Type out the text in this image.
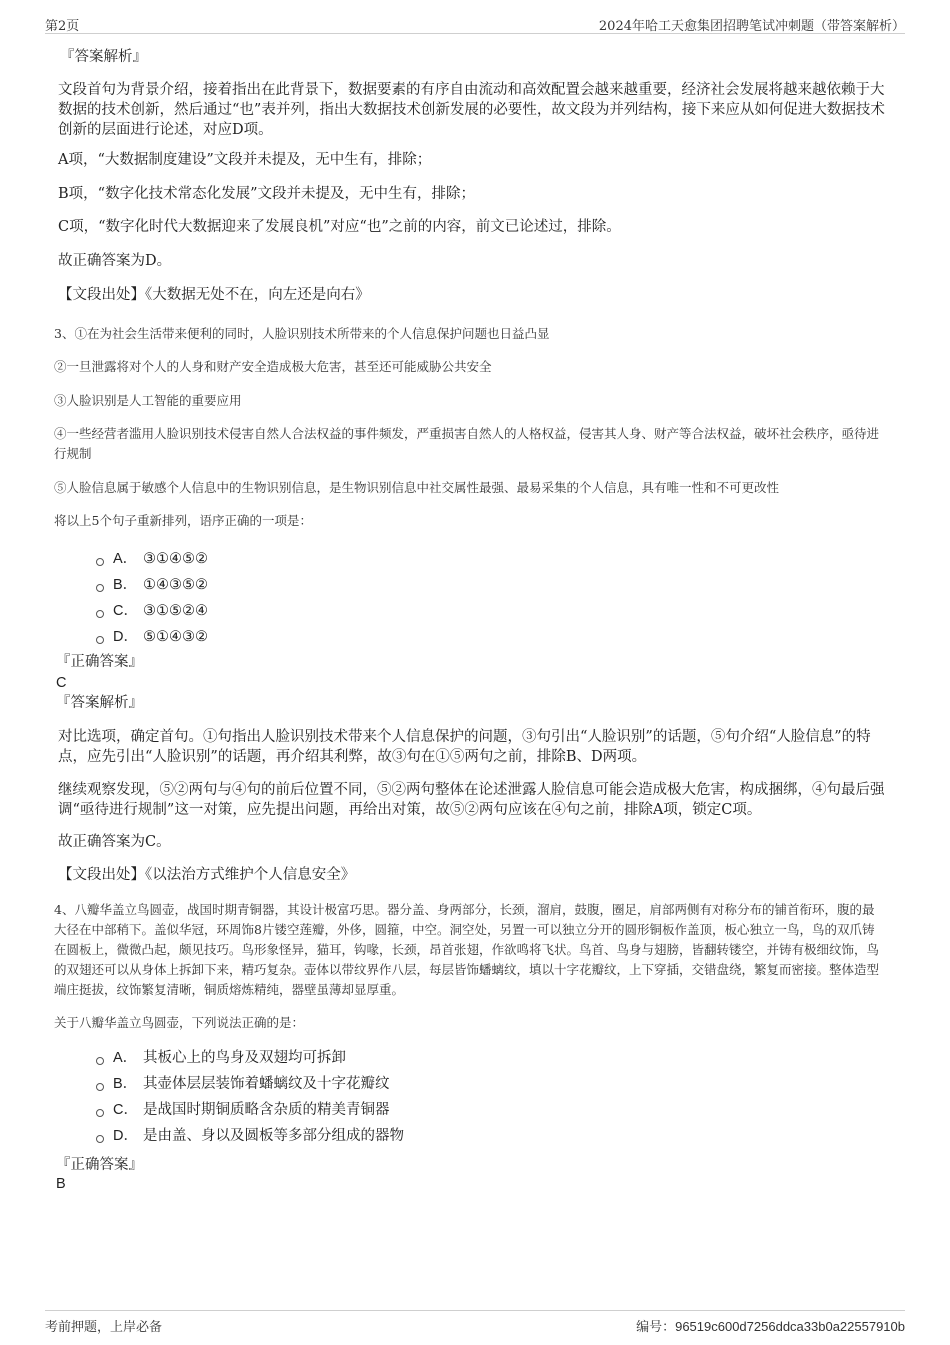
第2页	2024年哈工天愈集团招聘笔试冲刺题（带答案解析）
『答案解析』
文段首句为背景介绍，接着指出在此背景下，数据要素的有序自由流动和高效配置会越来越重要，经济社会发展将越来越依赖于大数据的技术创新，然后通过“也”表并列，指出大数据技术创新发展的必要性，故文段为并列结构，接下来应从如何促进大数据技术创新的层面进行论述，对应D项。
A项，“大数据制度建设”文段并未提及，无中生有，排除；
B项，“数字化技术常态化发展”文段并未提及，无中生有，排除；
C项，“数字化时代大数据迎来了发展良机”对应“也”之前的内容，前文已论述过，排除。
故正确答案为D。
【文段出处】《大数据无处不在，向左还是向右》
3、①在为社会生活带来便利的同时，人脸识别技术所带来的个人信息保护问题也日益凸显
②一旦泄露将对个人的人身和财产安全造成极大危害，甚至还可能威胁公共安全
③人脸识别是人工智能的重要应用
④一些经营者滥用人脸识别技术侵害自然人合法权益的事件频发，严重损害自然人的人格权益，侵害其人身、财产等合法权益，破坏社会秩序，亟待进行规制
⑤人脸信息属于敏感个人信息中的生物识别信息，是生物识别信息中社交属性最强、最易采集的个人信息，具有唯一性和不可更改性
将以上5个句子重新排列，语序正确的一项是：
A． ③①④⑤②
B． ①④③⑤②
C． ③①⑤②④
D． ⑤①④③②
『正确答案』
C
『答案解析』
对比选项，确定首句。①句指出人脸识别技术带来个人信息保护的问题，③句引出“人脸识别”的话题，⑤句介绍“人脸信息”的特点，应先引出“人脸识别”的话题，再介绍其利弊，故③句在①⑤两句之前，排除B、D两项。
继续观察发现，⑤②两句与④句的前后位置不同，⑤②两句整体在论述泄露人脸信息可能会造成极大危害，构成捆绑，④句最后强调“亟待进行规制”这一对策，应先提出问题，再给出对策，故⑤②两句应该在④句之前，排除A项，锁定C项。
故正确答案为C。
【文段出处】《以法治方式维护个人信息安全》
4、八瓣华盖立鸟圆壶，战国时期青铜器，其设计极富巧思。器分盖、身两部分，长颈，溜肩，鼓腹，圈足，肩部两侧有对称分布的铺首衔环，腹的最大径在中部稍下。盖似华冠，环周饰8片镂空莲瓣，外侈，圆箍，中空。洞空处，另置一可以独立分开的圆形铜板作盖顶，板心独立一鸟，鸟的双爪铸在圆板上，微微凸起，颇见技巧。鸟形象怪异，猫耳，钩喙，长颈，昂首张翅，作欲鸣将飞状。鸟首、鸟身与翅膀，皆翻转镂空，并铸有极细纹饰，鸟的双翅还可以从身体上拆卸下来，精巧复杂。壶体以带纹界作八层，每层皆饰蟠螭纹，填以十字花瓣纹，上下穿插，交错盘绕，繁复而密接。整体造型端庄挺拔，纹饰繁复清晰，铜质熔炼精纯，器壁虽薄却显厚重。
关于八瓣华盖立鸟圆壶，下列说法正确的是：
A． 其板心上的鸟身及双翅均可拆卸
B． 其壶体层层装饰着蟠螭纹及十字花瓣纹
C． 是战国时期铜质略含杂质的精美青铜器
D． 是由盖、身以及圆板等多部分组成的器物
『正确答案』
B
考前押题，上岸必备	编号：96519c600d7256ddca33b0a22557910b
